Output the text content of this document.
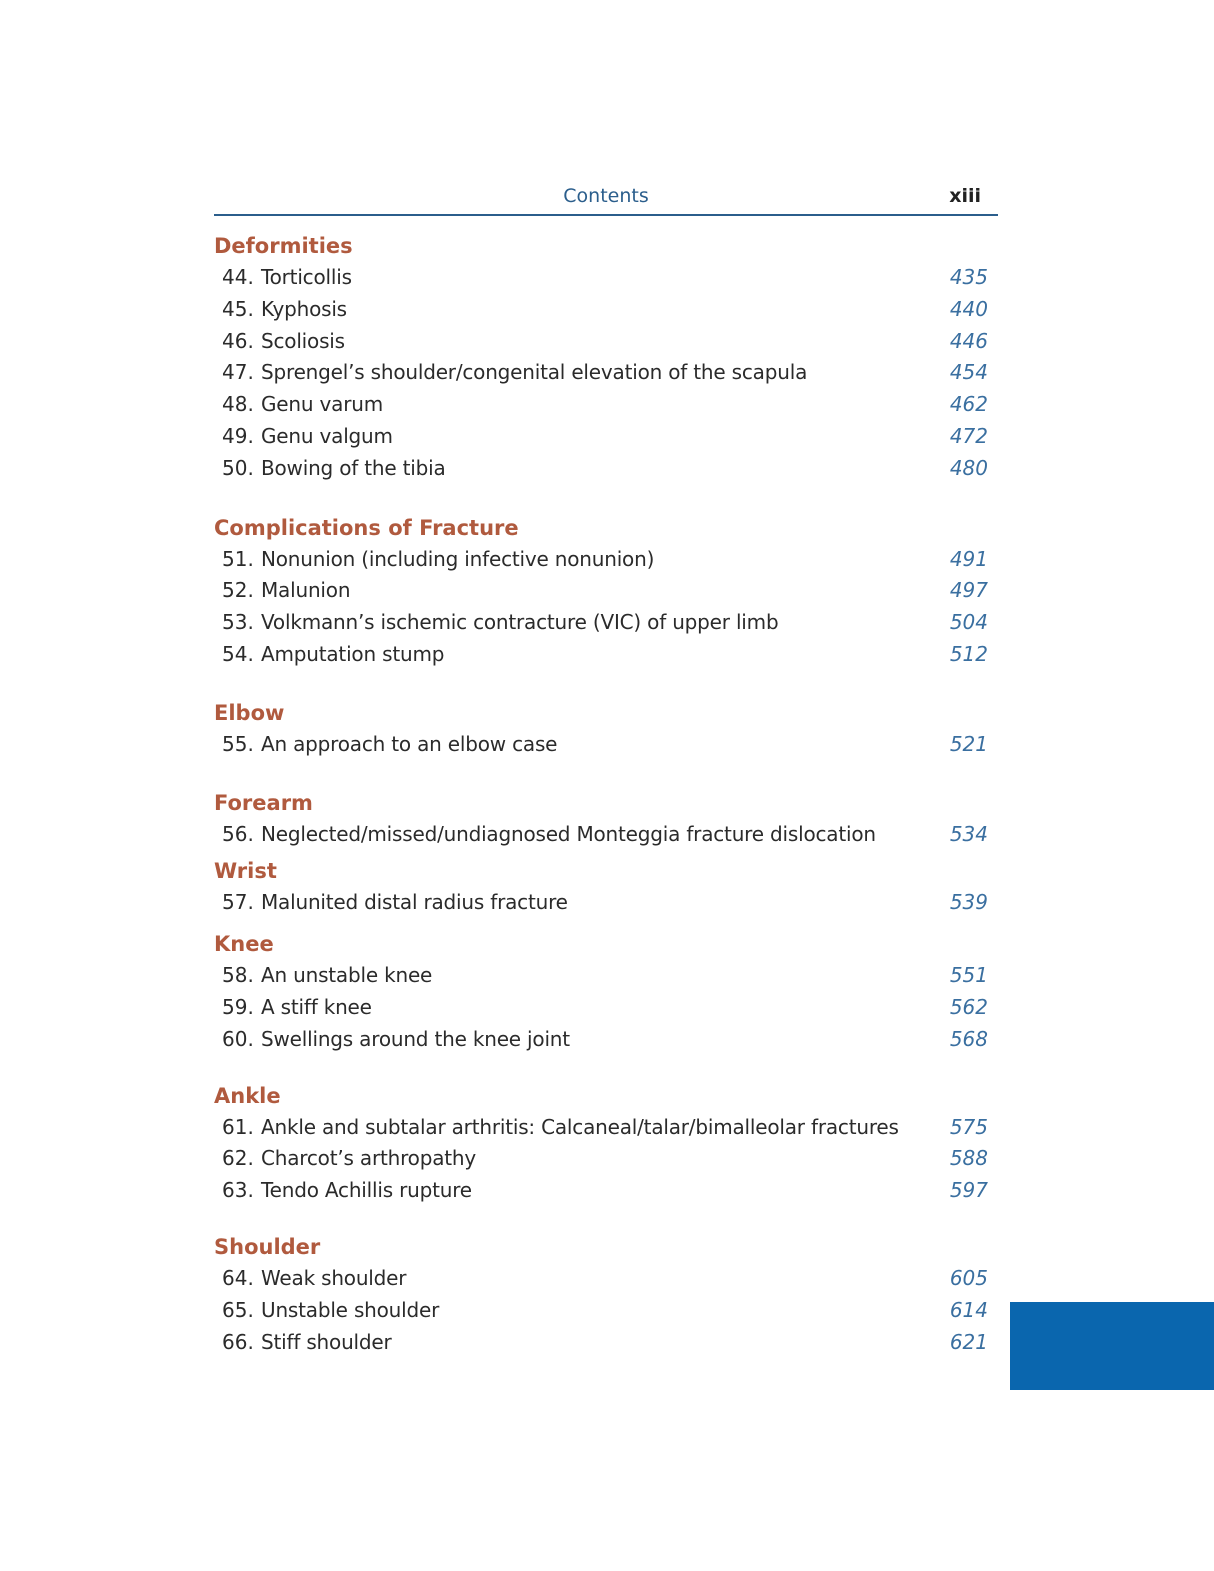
Contents	xiii
Deformities
44. Torticollis	435
45. Kyphosis	440
46. Scoliosis	446
47. Sprengel’s shoulder/congenital elevation of the scapula	454
48. Genu varum	462
49. Genu valgum	472
50. Bowing of the tibia	480
Complications of Fracture
51. Nonunion (including infective nonunion)	491
52. Malunion	497
53. Volkmann’s ischemic contracture (VIC) of upper limb	504
54. Amputation stump	512
Elbow
55. An approach to an elbow case	521
Forearm
56. Neglected/missed/undiagnosed Monteggia fracture dislocation	534
Wrist
57. Malunited distal radius fracture	539
Knee
58. An unstable knee	551
59. A stiff knee	562
60. Swellings around the knee joint	568
Ankle
61. Ankle and subtalar arthritis: Calcaneal/talar/bimalleolar fractures	575
62. Charcot’s arthropathy	588
63. Tendo Achillis rupture	597
Shoulder
64. Weak shoulder	605
65. Unstable shoulder	614
66. Stiff shoulder	621
